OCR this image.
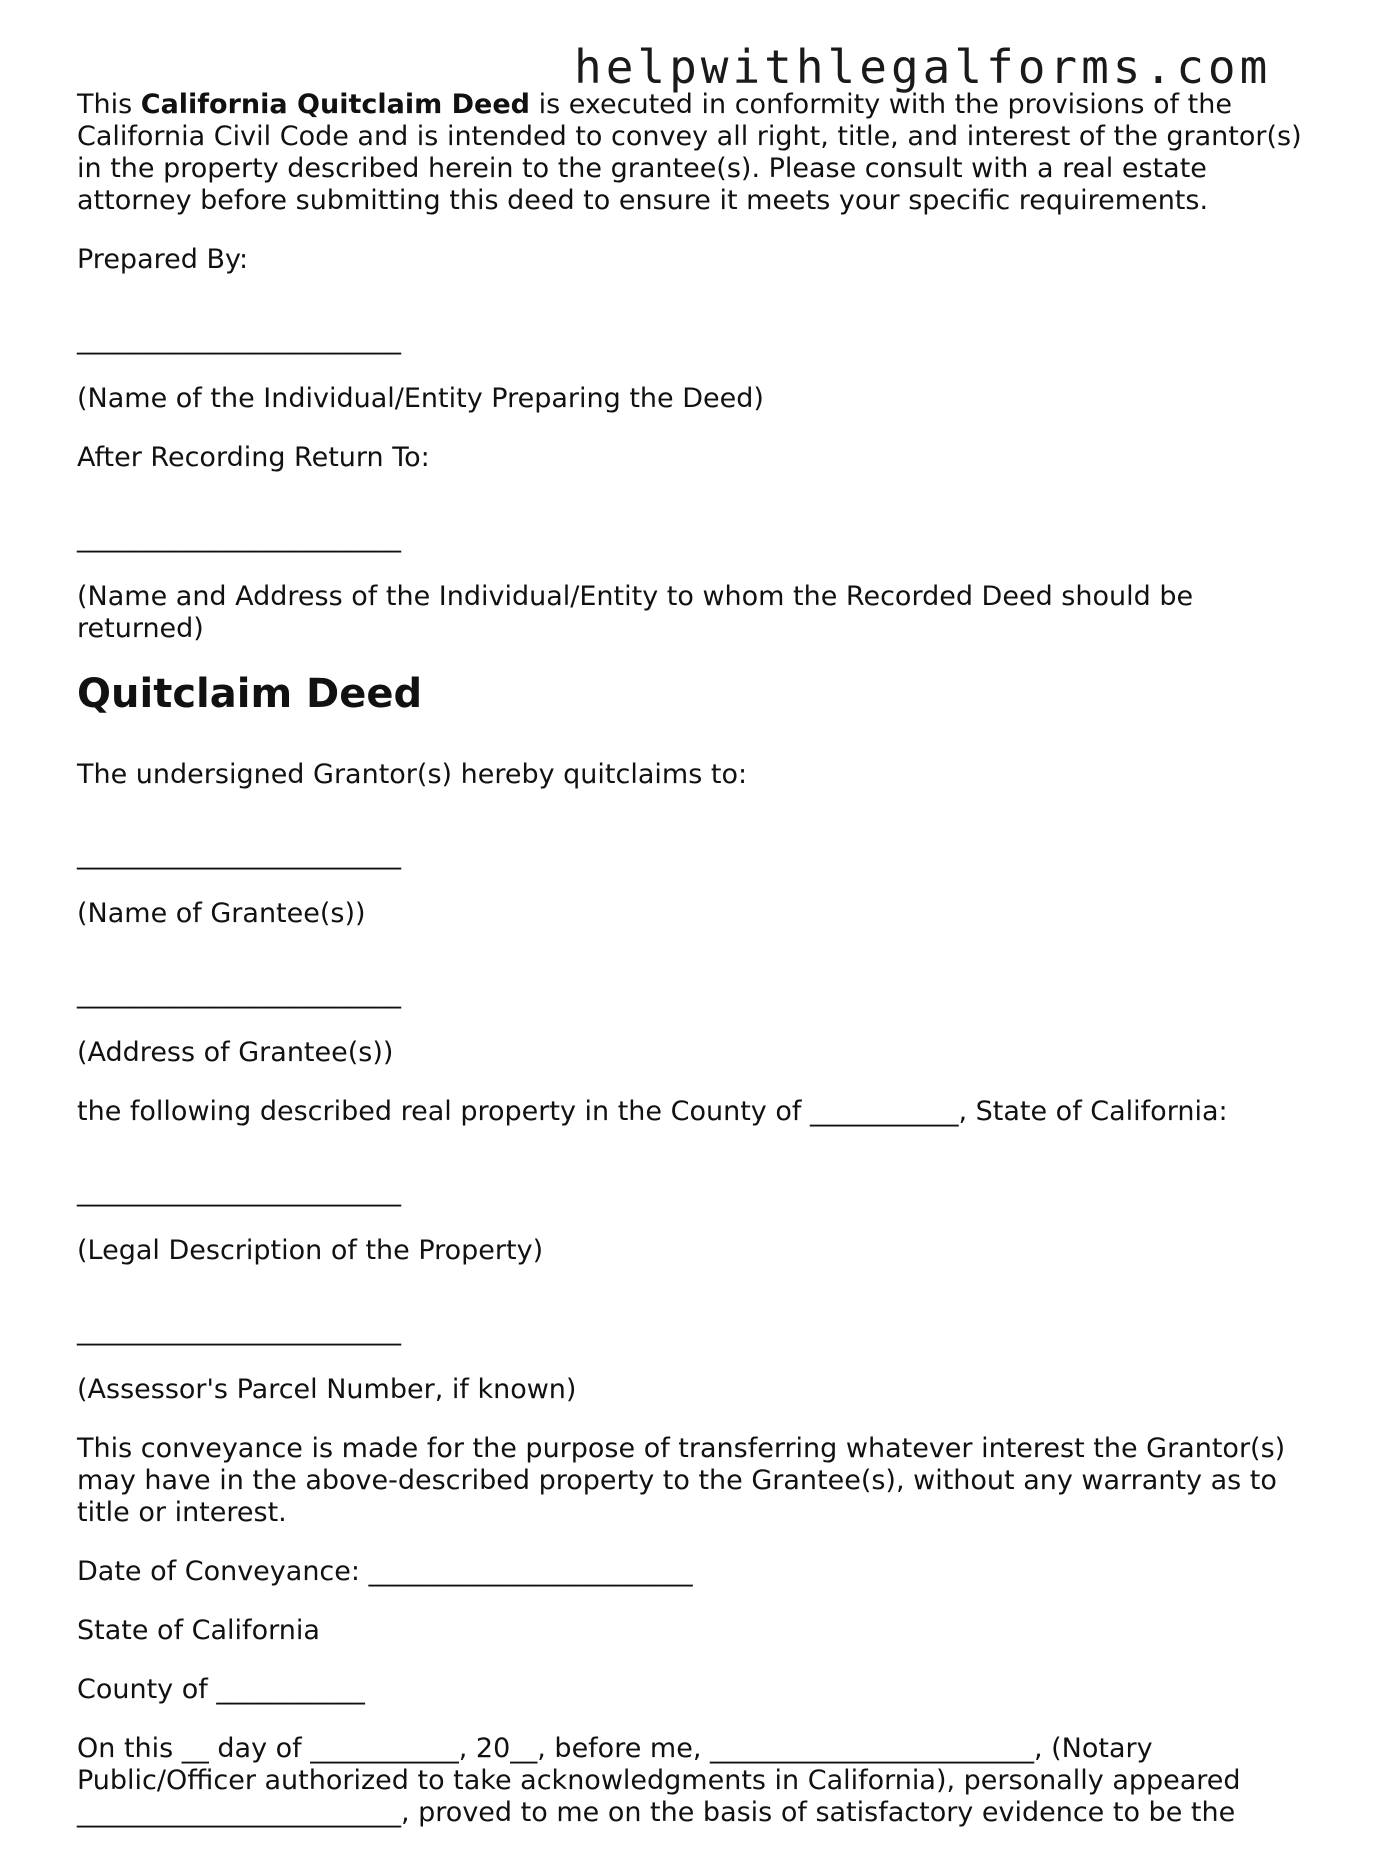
helpwithlegalforms.com

This California Quitclaim Deed is executed in conformity with the provisions of the California Civil Code and is intended to convey all right, title, and interest of the grantor(s) in the property described herein to the grantee(s). Please consult with a real estate attorney before submitting this deed to ensure it meets your specific requirements.

Prepared By:

________________________

(Name of the Individual/Entity Preparing the Deed)

After Recording Return To:

________________________

(Name and Address of the Individual/Entity to whom the Recorded Deed should be returned)

Quitclaim Deed

The undersigned Grantor(s) hereby quitclaims to:

________________________

(Name of Grantee(s))

________________________

(Address of Grantee(s))

the following described real property in the County of ___________, State of California:

________________________

(Legal Description of the Property)

________________________

(Assessor's Parcel Number, if known)

This conveyance is made for the purpose of transferring whatever interest the Grantor(s) may have in the above-described property to the Grantee(s), without any warranty as to title or interest.

Date of Conveyance: ________________________

State of California

County of ___________

On this __ day of ___________, 20__, before me, ________________________, (Notary Public/Officer authorized to take acknowledgments in California), personally appeared ________________________, proved to me on the basis of satisfactory evidence to be the
